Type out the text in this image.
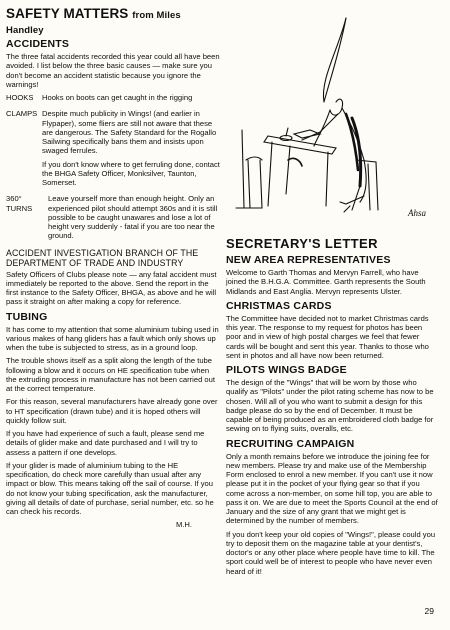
SAFETY MATTERS from Miles Handley
ACCIDENTS

The three fatal accidents recorded this year could all have been avoided. I list below the three basic causes — make sure you don't become an accident statistic because you ignore the warnings!

HOOKS	Hooks on boots can get caught in the rigging

CLAMPS Despite much publicity in Wings! (and earlier in Flypaper), some fliers are still not aware that these are dangerous. The Safety Standard for the Rogallo Sailwing specifically bans them and insists upon swaged ferrules.

If you don't know where to get ferruling done, contact the BHGA Safety Officer, Monksilver, Taunton, Somerset.

360° TURNS

Leave yourself more than enough height. Only an experienced pilot should attempt 360s and it is still possible to be caught unawares and lose a lot of height very suddenly - fatal if you are too near the ground.

ACCIDENT INVESTIGATION BRANCH OF THE DEPARTMENT OF TRADE AND INDUSTRY

Safety Officers of Clubs please note — any fatal accident must immediately be reported to the above. Send the report in the first instance to the Safety Officer, BHGA, as above and he will pass it straight on after making a copy for reference.

TUBING

It has come to my attention that some aluminium tubing used in various makes of hang gliders has a fault which only shows up when the tube is subjected to stress, as in a ground loop.

The trouble shows itself as a split along the length of the tube following a blow and it occurs on HE specification tube when the extruding process in manufacture has not been carried out at the correct temperature.

For this reason, several manufacturers have already gone over to HT specification (drawn tube) and it is hoped others will quickly follow suit.

If you have had experience of such a fault, please send me details of glider make and date purchased and I will try to assess a pattern if one develops.

If your glider is made of aluminium tubing to the HE specification, do check more carefully than usual after any impact or blow. This means taking off the sail of course. If you do not know your tubing specification, ask the manufacturer, giving all details of date of purchase, serial number, etc. so he can check his records.

M.H.
Ahsa
SECRETARY'S LETTER
NEW AREA REPRESENTATIVES

Welcome to Garth Thomas and Mervyn Farrell, who have joined the B.H.G.A. Committee. Garth represents the South Midlands and East Anglia. Mervyn represents Ulster.

CHRISTMAS CARDS

The Committee have decided not to market Christmas cards this year. The response to my request for photos has been poor and in view of high postal charges we feel that fewer cards will be bought and sent this year. Thanks to those who sent in photos and all have now been returned.

PILOTS WINGS BADGE

The design of the "Wings" that will be worn by those who qualify as "Pilots" under the pilot rating scheme has now to be chosen. Will all of you who want to submit a design for this badge please do so by the end of December. It must be capable of being produced as an embroidered cloth badge for sewing on to flying suits, overalls, etc.

RECRUITING CAMPAIGN

Only a month remains before we introduce the joining fee for new members. Please try and make use of the Membership Form enclosed to enrol a new member. If you can't use it now please put it in the pocket of your flying gear so that if you come across a non-member, on some hill top, you are able to pass it on. We are due to meet the Sports Council at the end of January and the size of any grant that we might get is determined by the number of members.

If you don't keep your old copies of "Wings!", please could you try to deposit them on the magazine table at your dentist's, doctor's or any other place where people have time to kill. The sport could well be of interest to people who have never even heard of it!

29
